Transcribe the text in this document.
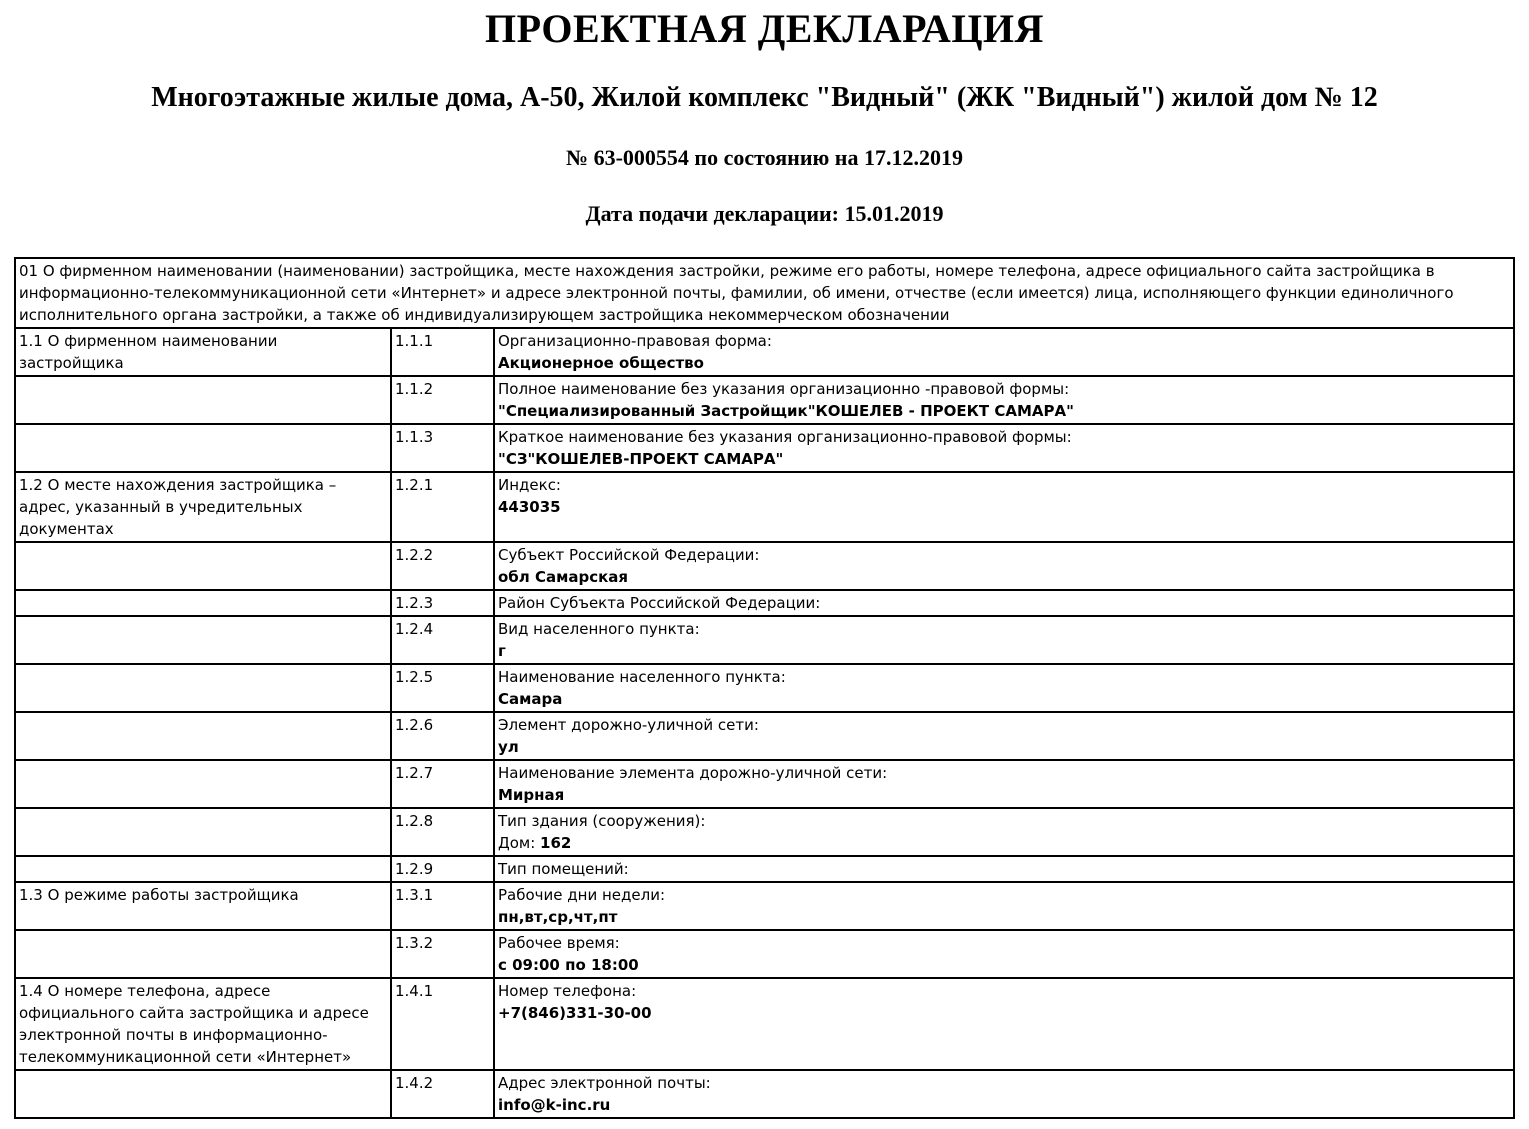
ПРОЕКТНАЯ ДЕКЛАРАЦИЯ
Многоэтажные жилые дома, А-50, Жилой комплекс "Видный" (ЖК "Видный") жилой дом № 12
№ 63-000554 по состоянию на 17.12.2019
Дата подачи декларации: 15.01.2019
01 О фирменном наименовании (наименовании) застройщика, месте нахождения застройки, режиме его работы, номере телефона, адресе официального сайта застройщика в информационно-телекоммуникационной сети «Интернет» и адресе электронной почты, фамилии, об имени, отчестве (если имеется) лица, исполняющего функции единоличного исполнительного органа застройки, а также об индивидуализирующем застройщика некоммерческом обозначении		
1.1 О фирменном наименовании застройщика	1.1.1	Организационно-правовая форма:
Акционерное общество

	1.1.2	Полное наименование без указания организационно -правовой формы:
"Специализированный Застройщик"КОШЕЛЕВ - ПРОЕКТ САМАРА"

	1.1.3	Краткое наименование без указания организационно-правовой формы:
"СЗ"КОШЕЛЕВ-ПРОЕКТ САМАРА"

1.2 О месте нахождения застройщика – адрес, указанный в учредительных документах	1.2.1	Индекс:
443035

	1.2.2	Субъект Российской Федерации:
обл Самарская

	1.2.3	Район Субъекта Российской Федерации:

	1.2.4	Вид населенного пункта:
г

	1.2.5	Наименование населенного пункта:
Самара

	1.2.6	Элемент дорожно-уличной сети:
ул

	1.2.7	Наименование элемента дорожно-уличной сети:
Мирная

	1.2.8	Тип здания (сооружения):
Дом: 162

	1.2.9	Тип помещений:

1.3 О режиме работы застройщика	1.3.1	Рабочие дни недели:
пн,вт,ср,чт,пт

	1.3.2	Рабочее время:
с 09:00 по 18:00

1.4 О номере телефона, адресе официального сайта застройщика и адресе электронной почты в информационно-телекоммуникационной сети «Интернет»	1.4.1	Номер телефона:
+7(846)331-30-00

	1.4.2	Адрес электронной почты:
info@k-inc.ru
